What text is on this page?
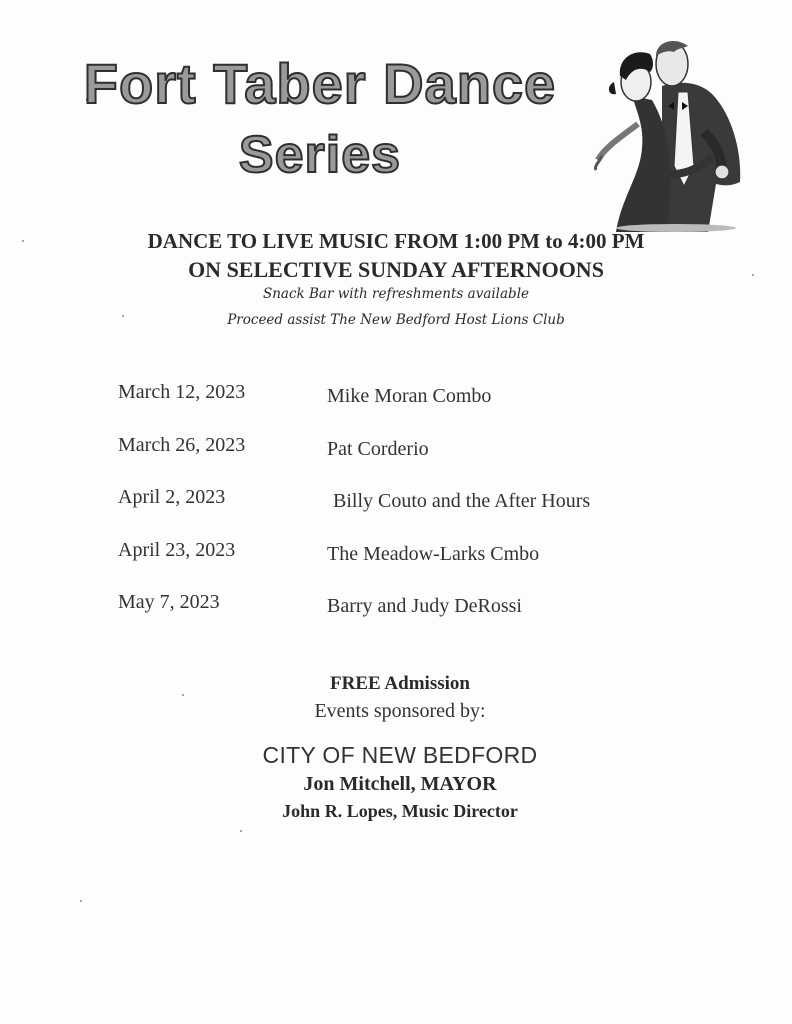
Fort Taber Dance
Series
DANCE TO LIVE MUSIC FROM 1:00 PM to 4:00 PM
ON SELECTIVE SUNDAY AFTERNOONS
Snack Bar with refreshments available
Proceed assist The New Bedford Host Lions Club
March 12, 2023	Mike Moran Combo
March 26, 2023	Pat Corderio
April 2, 2023	Billy Couto and the After Hours
April 23, 2023	The Meadow-Larks Cmbo
May 7, 2023	Barry and Judy DeRossi
FREE Admission
Events sponsored by:
CITY OF NEW BEDFORD
Jon Mitchell, MAYOR
John R. Lopes, Music Director
